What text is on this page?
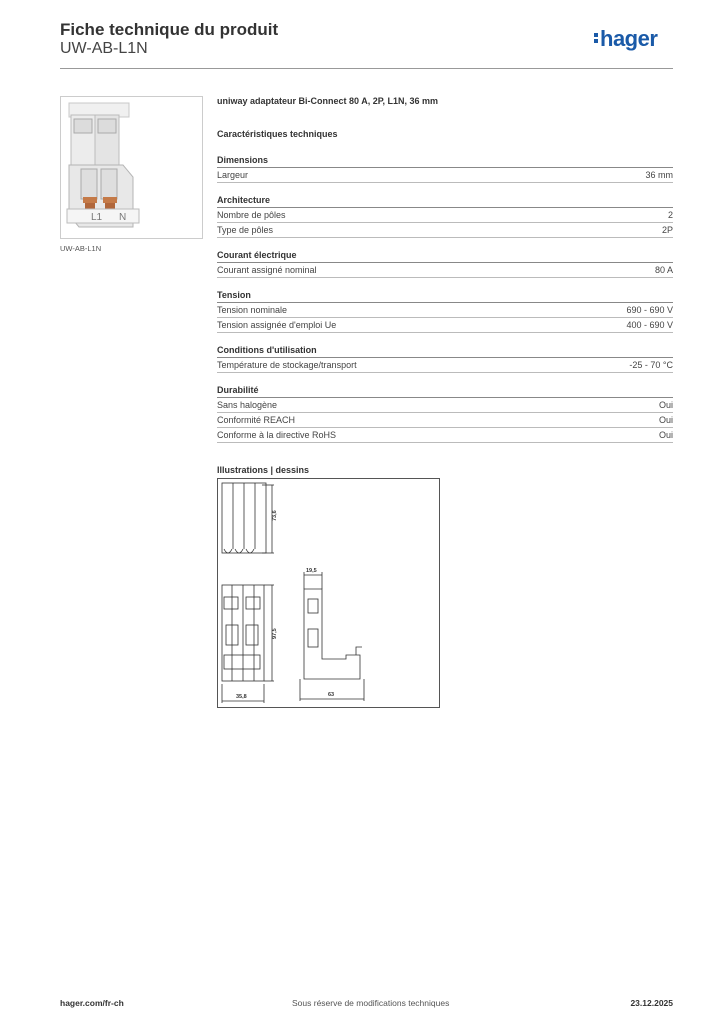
Fiche technique du produit
UW-AB-L1N	hager
L1 N
UW-AB-L1N
uniway adaptateur Bi-Connect 80 A, 2P, L1N, 36 mm
Caractéristiques techniques
Dimensions
Largeur	36 mm
Architecture
Nombre de pôles	2
Type de pôles	2P
Courant électrique
Courant assigné nominal	80 A
Tension
Tension nominale	690 - 690 V
Tension assignée d'emploi Ue	400 - 690 V
Conditions d'utilisation
Température de stockage/transport	-25 - 70 °C
Durabilité
Sans halogène	Oui
Conformité REACH	Oui
Conforme à la directive RoHS	Oui
Illustrations | dessins
73,6
97,5
35,8
19,5
63
hager.com/fr-ch	Sous réserve de modifications techniques	23.12.2025
